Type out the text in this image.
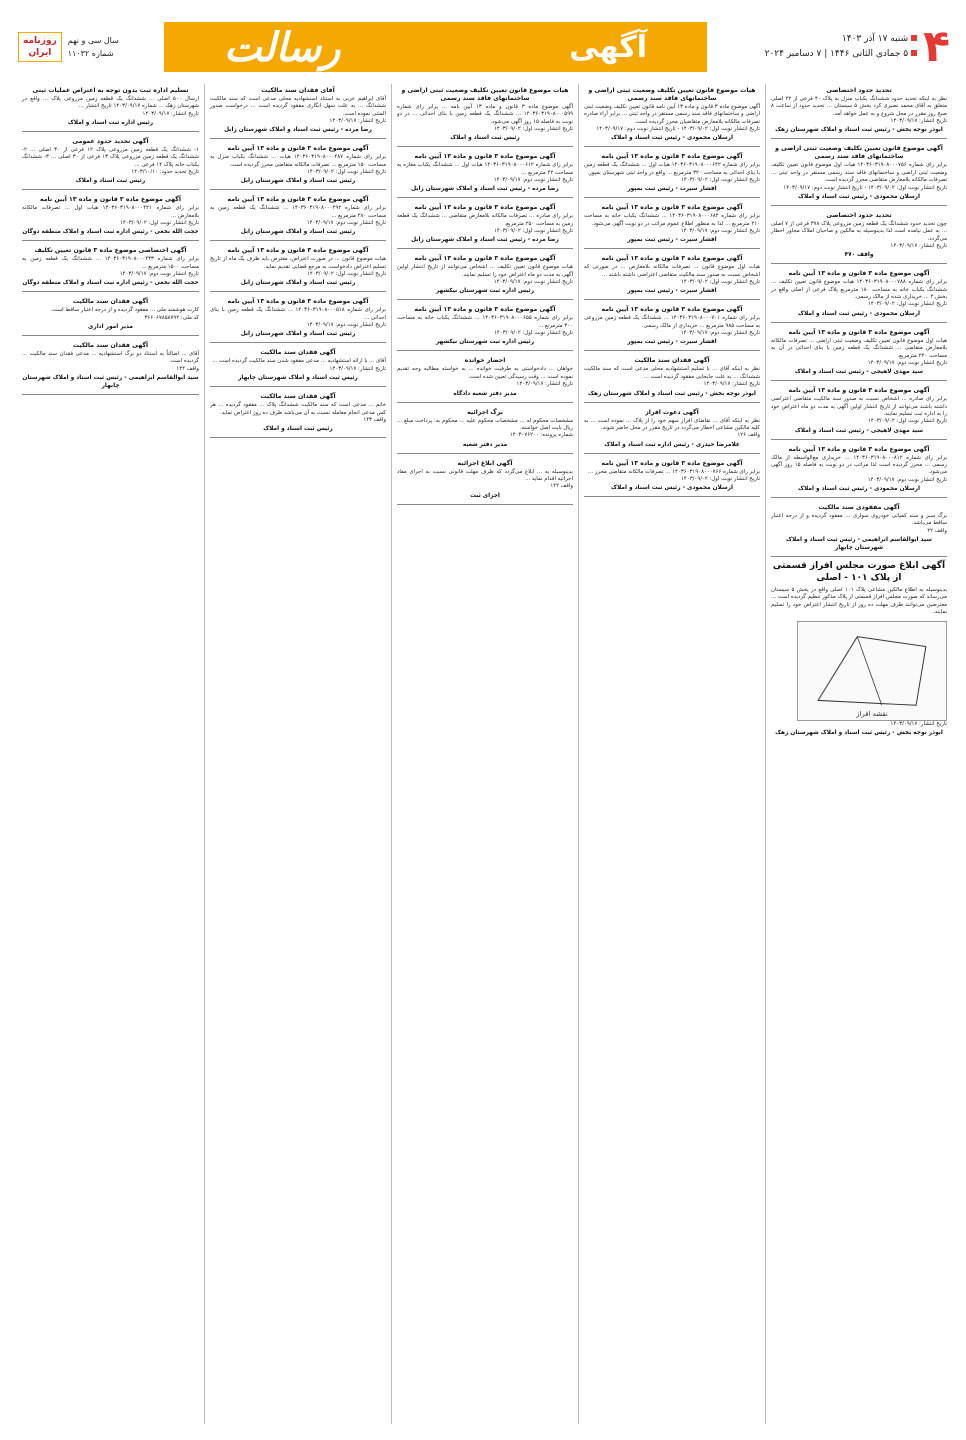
۴
شنبه ۱۷ آذر ۱۴۰۳
۵ جمادی الثانی ۱۴۴۶ | ۷ دسامبر ۲۰۲۴
آگهی
رسالت
روزنامه
ایران
سال سی و نهم
شماره ۱۱۰۳۲
تحدید حدود اختصاصی
نظر به اینکه تحدید حدود ششدانگ یکباب منزل به پلاک ۴۰ فرعی از ۲۲ اصلی متعلق به آقای محمد نصیری کرد بخش ۵ سیستان ... تحدید حدود از ساعت ۸ صبح روز مقرر در محل شروع و به عمل خواهد آمد.
تاریخ انتشار: ۱۴۰۳/۰۹/۱۷
ابوذر نوجه بخش - رئیس ثبت اسناد و املاک شهرستان زهک
آگهی موضوع قانون تعیین تکلیف وضعیت ثبتی اراضی و ساختمانهای فاقد سند رسمی
برابر رای شماره ۱۴۰۳۶۰۳۱۹۰۸۰۰۰۷۵۶ هیات اول موضوع قانون تعیین تکلیف وضعیت ثبتی اراضی و ساختمانهای فاقد سند رسمی مستقر در واحد ثبتی ... تصرفات مالکانه بلامعارض متقاضی محرز گردیده است.
تاریخ انتشار نوبت اول: ۱۴۰۳/۰۹/۰۲ - تاریخ انتشار نوبت دوم: ۱۴۰۳/۰۹/۱۷
ارسلان محمودی - رئیس ثبت اسناد و املاک
تحدید حدود اختصاصی
چون تحدید حدود ششدانگ یک قطعه زمین مزروعی پلاک ۳۷۸ فرعی از ۷ اصلی ... به عمل نیامده است لذا بدینوسیله به مالکین و صاحبان املاک مجاور اخطار می‌گردد.
تاریخ انتشار: ۱۴۰۳/۰۹/۱۷
واقف ۴۷۰
آگهی موضوع ماده ۳ قانون و ماده ۱۳ آیین نامه
برابر رای شماره ۱۴۰۳۶۰۳۱۹۰۸۰۰۰۷۸۸ هیات موضوع قانون تعیین تکلیف ... ششدانگ یکباب خانه به مساحت ۱۸۰ مترمربع پلاک فرعی از اصلی واقع در بخش ۲ ... خریداری شده از مالک رسمی.
تاریخ انتشار نوبت اول: ۱۴۰۳/۰۹/۰۲
ارسلان محمودی - رئیس ثبت اسناد و املاک
آگهی موضوع ماده ۳ قانون و ماده ۱۳ آیین نامه
هیات اول موضوع قانون تعیین تکلیف وضعیت ثبتی اراضی ... تصرفات مالکانه بلامعارض متقاضی ... ششدانگ یک قطعه زمین با بنای احداثی در آن به مساحت ۲۴۰ مترمربع.
تاریخ انتشار نوبت دوم: ۱۴۰۳/۰۹/۱۷
سید مهدی لاهیجی - رئیس ثبت اسناد و املاک
آگهی موضوع ماده ۳ قانون و ماده ۱۳ آیین نامه
برابر رای صادره ... اشخاص نسبت به صدور سند مالکیت متقاضی اعتراضی داشته باشند می‌توانند از تاریخ انتشار اولین آگهی به مدت دو ماه اعتراض خود را به اداره ثبت تسلیم نمایند.
تاریخ انتشار نوبت اول: ۱۴۰۳/۰۹/۰۲
سید مهدی لاهیجی - رئیس ثبت اسناد و املاک
آگهی موضوع ماده ۳ قانون و ماده ۱۳ آیین نامه
برابر رای شماره ۱۴۰۳۶۰۳۱۹۰۸۰۰۰۸۱۲ ... خریداری مع‌الواسطه از مالک رسمی ... محرز گردیده است لذا مراتب در دو نوبت به فاصله ۱۵ روز آگهی می‌شود.
تاریخ انتشار نوبت دوم: ۱۴۰۳/۰۹/۱۷
ارسلان محمودی - رئیس ثبت اسناد و املاک
آگهی مفقودی سند مالکیت
برگ سبز و سند کمپانی خودروی سواری ... مفقود گردیده و از درجه اعتبار ساقط می‌باشد.
واقف ۴۲
سید ابوالقاسم ابراهیمی - رئیس ثبت اسناد و املاک شهرستان چابهار
آگهی ابلاغ صورت مجلس افراز قسمتی از پلاک ۱۰۱ - اصلی
بدینوسیله به اطلاع مالکین مشاعی پلاک ۱۰۱ اصلی واقع در بخش ۵ سیستان می‌رساند که صورت مجلس افراز قسمتی از پلاک مذکور تنظیم گردیده است ... معترضین می‌توانند ظرف مهلت ده روز از تاریخ انتشار اعتراض خود را تسلیم نمایند.
نقشه افراز
تاریخ انتشار: ۱۴۰۳/۰۹/۱۷
ابوذر نوجه بخش - رئیس ثبت اسناد و املاک شهرستان زهک
هیات موضوع قانون تعیین تکلیف وضعیت ثبتی اراضی و ساختمانهای فاقد سند رسمی
آگهی موضوع ماده ۳ قانون و ماده ۱۳ آیین نامه قانون تعیین تکلیف وضعیت ثبتی اراضی و ساختمانهای فاقد سند رسمی مستقر در واحد ثبتی ... برابر آراء صادره تصرفات مالکانه بلامعارض متقاضیان محرز گردیده است.
تاریخ انتشار نوبت اول: ۱۴۰۳/۰۹/۰۲ - تاریخ انتشار نوبت دوم: ۱۴۰۳/۰۹/۱۷
ارسلان محمودی - رئیس ثبت اسناد و املاک
آگهی موضوع ماده ۳ قانون و ماده ۱۳ آیین نامه
برابر رای شماره ۱۴۰۳۶۰۳۱۹۰۸۰۰۰۶۴۲ هیات اول ... ششدانگ یک قطعه زمین با بنای احداثی به مساحت ۳۲۰ مترمربع ... واقع در واحد ثبتی شهرستان بمپور.
تاریخ انتشار نوبت اول: ۱۴۰۳/۰۹/۰۲
افشار سیرت - رئیس ثبت بمپور
آگهی موضوع ماده ۳ قانون و ماده ۱۳ آیین نامه
برابر رای شماره ۱۴۰۳۶۰۳۱۹۰۸۰۰۰۶۸۴ ... ششدانگ یکباب خانه به مساحت ۲۱۰ مترمربع ... لذا به منظور اطلاع عموم مراتب در دو نوبت آگهی می‌شود.
تاریخ انتشار نوبت دوم: ۱۴۰۳/۰۹/۱۷
افشار سیرت - رئیس ثبت بمپور
آگهی موضوع ماده ۳ قانون و ماده ۱۳ آیین نامه
هیات اول موضوع قانون ... تصرفات مالکانه بلامعارض ... در صورتی که اشخاص نسبت به صدور سند مالکیت متقاضی اعتراضی داشته باشند ...
تاریخ انتشار نوبت اول: ۱۴۰۳/۰۹/۰۲
افشار سیرت - رئیس ثبت بمپور
آگهی موضوع ماده ۳ قانون و ماده ۱۳ آیین نامه
برابر رای شماره ۱۴۰۳۶۰۳۱۹۰۸۰۰۰۷۰۱ ... ششدانگ یک قطعه زمین مزروعی به مساحت ۹۸۵ مترمربع ... خریداری از مالک رسمی.
تاریخ انتشار نوبت دوم: ۱۴۰۳/۰۹/۱۷
افشار سیرت - رئیس ثبت بمپور
آگهی فقدان سند مالکیت
نظر به اینکه آقای ... با تسلیم استشهادیه محلی مدعی است که سند مالکیت ششدانگ ... به علت جابجایی مفقود گردیده است ...
تاریخ انتشار: ۱۴۰۳/۰۹/۱۷
ابوذر نوجه بخش - رئیس ثبت اسناد و املاک شهرستان زهک
آگهی دعوت افراز
نظر به اینکه آقای ... تقاضای افراز سهم خود را از پلاک ... نموده است ... به کلیه مالکین مشاعی اخطار می‌گردد در تاریخ مقرر در محل حاضر شوند.
واقف ۱۲۶
غلامرضا حیدری - رئیس اداره ثبت اسناد و املاک
آگهی موضوع ماده ۳ قانون و ماده ۱۳ آیین نامه
برابر رای شماره ۱۴۰۳۶۰۳۱۹۰۸۰۰۰۷۶۶ ... تصرفات مالکانه متقاضی محرز ...
تاریخ انتشار نوبت اول: ۱۴۰۳/۰۹/۰۲
ارسلان محمودی - رئیس ثبت اسناد و املاک
هیات موضوع قانون تعیین تکلیف وضعیت ثبتی اراضی و ساختمانهای فاقد سند رسمی
آگهی موضوع ماده ۳ قانون و ماده ۱۳ آیین نامه ... برابر رای شماره ۱۴۰۳۶۰۳۱۹۰۸۰۰۰۵۹۹ ... ششدانگ یک قطعه زمین با بنای احداثی ... در دو نوبت به فاصله ۱۵ روز آگهی می‌شود.
تاریخ انتشار نوبت اول: ۱۴۰۳/۰۹/۰۲
رئیس ثبت اسناد و املاک
آگهی موضوع ماده ۳ قانون و ماده ۱۳ آیین نامه
برابر رای شماره ۱۴۰۳۶۰۳۱۹۰۸۰۰۰۶۱۲ هیات اول ... ششدانگ یکباب مغازه به مساحت ۴۲ مترمربع ...
تاریخ انتشار نوبت دوم: ۱۴۰۳/۰۹/۱۷
رضا مرده - رئیس ثبت اسناد و املاک شهرستان زابل
آگهی موضوع ماده ۳ قانون و ماده ۱۳ آیین نامه
برابر رای صادره ... تصرفات مالکانه بلامعارض متقاضی ... ششدانگ یک قطعه زمین به مساحت ۲۵۰ مترمربع.
تاریخ انتشار نوبت اول: ۱۴۰۳/۰۹/۰۲
رضا مرده - رئیس ثبت اسناد و املاک شهرستان زابل
آگهی موضوع ماده ۳ قانون و ماده ۱۳ آیین نامه
هیات موضوع قانون تعیین تکلیف ... اشخاص می‌توانند از تاریخ انتشار اولین آگهی به مدت دو ماه اعتراض خود را تسلیم نمایند.
تاریخ انتشار نوبت دوم: ۱۴۰۳/۰۹/۱۷
رئیس اداره ثبت شهرستان نیکشهر
آگهی موضوع ماده ۳ قانون و ماده ۱۳ آیین نامه
برابر رای شماره ۱۴۰۳۶۰۳۱۹۰۸۰۰۰۶۵۵ ... ششدانگ یکباب خانه به مساحت ۳۰۰ مترمربع ...
تاریخ انتشار نوبت اول: ۱۴۰۳/۰۹/۰۲
رئیس اداره ثبت شهرستان نیکشهر
احضار خوانده
خواهان ... دادخواستی به طرفیت خوانده ... به خواسته مطالبه وجه تقدیم نموده است ... وقت رسیدگی تعیین شده است.
تاریخ انتشار: ۱۴۰۳/۰۹/۱۷
مدیر دفتر شعبه دادگاه
برگ اجرائیه
مشخصات محکوم له ... مشخصات محکوم علیه ... محکوم به: پرداخت مبلغ ... ریال بابت اصل خواسته.
شماره پرونده: ۱۴۰۳۰۷۶۲۰۰
مدیر دفتر شعبه
آگهی ابلاغ اجرائیه
بدینوسیله به ... ابلاغ می‌گردد که ظرف مهلت قانونی نسبت به اجرای مفاد اجرائیه اقدام نماید ...
واقف ۱۴۲
اجرای ثبت
آقای فقدان سند مالکیت
آقای ابراهیم عربی به استناد استشهادیه محلی مدعی است که سند مالکیت ششدانگ ... به علت سهل انگاری مفقود گردیده است ... درخواست صدور المثنی نموده است.
تاریخ انتشار: ۱۴۰۳/۰۹/۱۷
رضا مرده - رئیس ثبت اسناد و املاک شهرستان زابل
آگهی موضوع ماده ۳ قانون و ماده ۱۳ آیین نامه
برابر رای شماره ۱۴۰۳۶۰۳۱۹۰۸۰۰۰۴۸۷ هیات ... ششدانگ یکباب منزل به مساحت ۱۵۰ مترمربع ... تصرفات مالکانه متقاضی محرز گردیده است.
تاریخ انتشار نوبت اول: ۱۴۰۳/۰۹/۰۲
رئیس ثبت اسناد و املاک شهرستان زابل
آگهی موضوع ماده ۳ قانون و ماده ۱۳ آیین نامه
برابر رای شماره ۱۴۰۳۶۰۳۱۹۰۸۰۰۰۴۹۲ ... ششدانگ یک قطعه زمین به مساحت ۲۸۰ مترمربع ...
تاریخ انتشار نوبت دوم: ۱۴۰۳/۰۹/۱۷
رئیس ثبت اسناد و املاک شهرستان زابل
آگهی موضوع ماده ۳ قانون و ماده ۱۳ آیین نامه
هیات موضوع قانون ... در صورت اعتراض، معترض باید ظرف یک ماه از تاریخ تسلیم اعتراض دادخواست به مرجع قضایی تقدیم نماید.
تاریخ انتشار نوبت اول: ۱۴۰۳/۰۹/۰۲
رئیس ثبت اسناد و املاک شهرستان زابل
آگهی موضوع ماده ۳ قانون و ماده ۱۳ آیین نامه
برابر رای شماره ۱۴۰۳۶۰۳۱۹۰۸۰۰۰۵۱۸ ... ششدانگ یک قطعه زمین با بنای احداثی ...
تاریخ انتشار نوبت دوم: ۱۴۰۳/۰۹/۱۷
رئیس ثبت اسناد و املاک شهرستان زابل
آگهی فقدان سند مالکیت
آقای ... با ارائه استشهادیه ... مدعی مفقود شدن سند مالکیت گردیده است ...
تاریخ انتشار: ۱۴۰۳/۰۹/۱۷
رئیس ثبت اسناد و املاک شهرستان چابهار
آگهی فقدان سند مالکیت
خانم ... مدعی است که سند مالکیت ششدانگ پلاک ... مفقود گردیده ... هر کس مدعی انجام معامله نسبت به آن می‌باشد ظرف ده روز اعتراض نماید.
واقف ۱۴۳
رئیس ثبت اسناد و املاک
تسلیم اداره ثبت بدون توجه به اعتراض عملیات ثبتی
ارسال ۵۰۰ اصلی ... ششدانگ یک قطعه زمین مزروعی پلاک ... واقع در شهرستان زهک ... شماره ۱۴۰۳/۰۹/۱۷ تاریخ انتشار ...
تاریخ انتشار: ۱۴۰۳/۰۹/۱۷
رئیس اداره ثبت اسناد و املاک
آگهی تحدید حدود عمومی
۱- ششدانگ یک قطعه زمین مزروعی پلاک ۱۲ فرعی از ۳۰ اصلی ... ۲- ششدانگ یک قطعه زمین مزروعی پلاک ۱۳ فرعی از ۳۰ اصلی ... ۳- ششدانگ یکباب خانه پلاک ۱۴ فرعی ...
تاریخ تحدید حدود: ۱۴۰۳/۱۰/۱۰
رئیس ثبت اسناد و املاک
آگهی موضوع ماده ۳ قانون و ماده ۱۳ آیین نامه
برابر رای شماره ۱۴۰۳۶۰۳۱۹۰۸۰۰۰۴۲۱ هیات اول ... تصرفات مالکانه بلامعارض ...
تاریخ انتشار نوبت اول: ۱۴۰۳/۰۹/۰۲
حجت الله نخعی - رئیس اداره ثبت اسناد و املاک منطقه دوگان
آگهی اختصاصی موضوع ماده ۳ قانون تعیین تکلیف
برابر رای شماره ۱۴۰۳۶۰۳۱۹۰۸۰۰۰۴۳۳ ... ششدانگ یک قطعه زمین به مساحت ۱۵۰۰ مترمربع ...
تاریخ انتشار نوبت دوم: ۱۴۰۳/۰۹/۱۷
حجت الله نخعی - رئیس اداره ثبت اسناد و املاک منطقه دوگان
آگهی فقدان سند مالکیت
کارت هوشمند ملی ... مفقود گردیده و از درجه اعتبار ساقط است.
کد ملی: ۳۶۶۰۶۷۸۵۸۷۹۲
مدیر امور اداری
آگهی فقدان سند مالکیت
آقای ... اصالتاً به استناد دو برگ استشهادیه ... مدعی فقدان سند مالکیت ... گردیده است.
واقف ۱۴۴
سید ابوالقاسم ابراهیمی - رئیس ثبت اسناد و املاک شهرستان چابهار
